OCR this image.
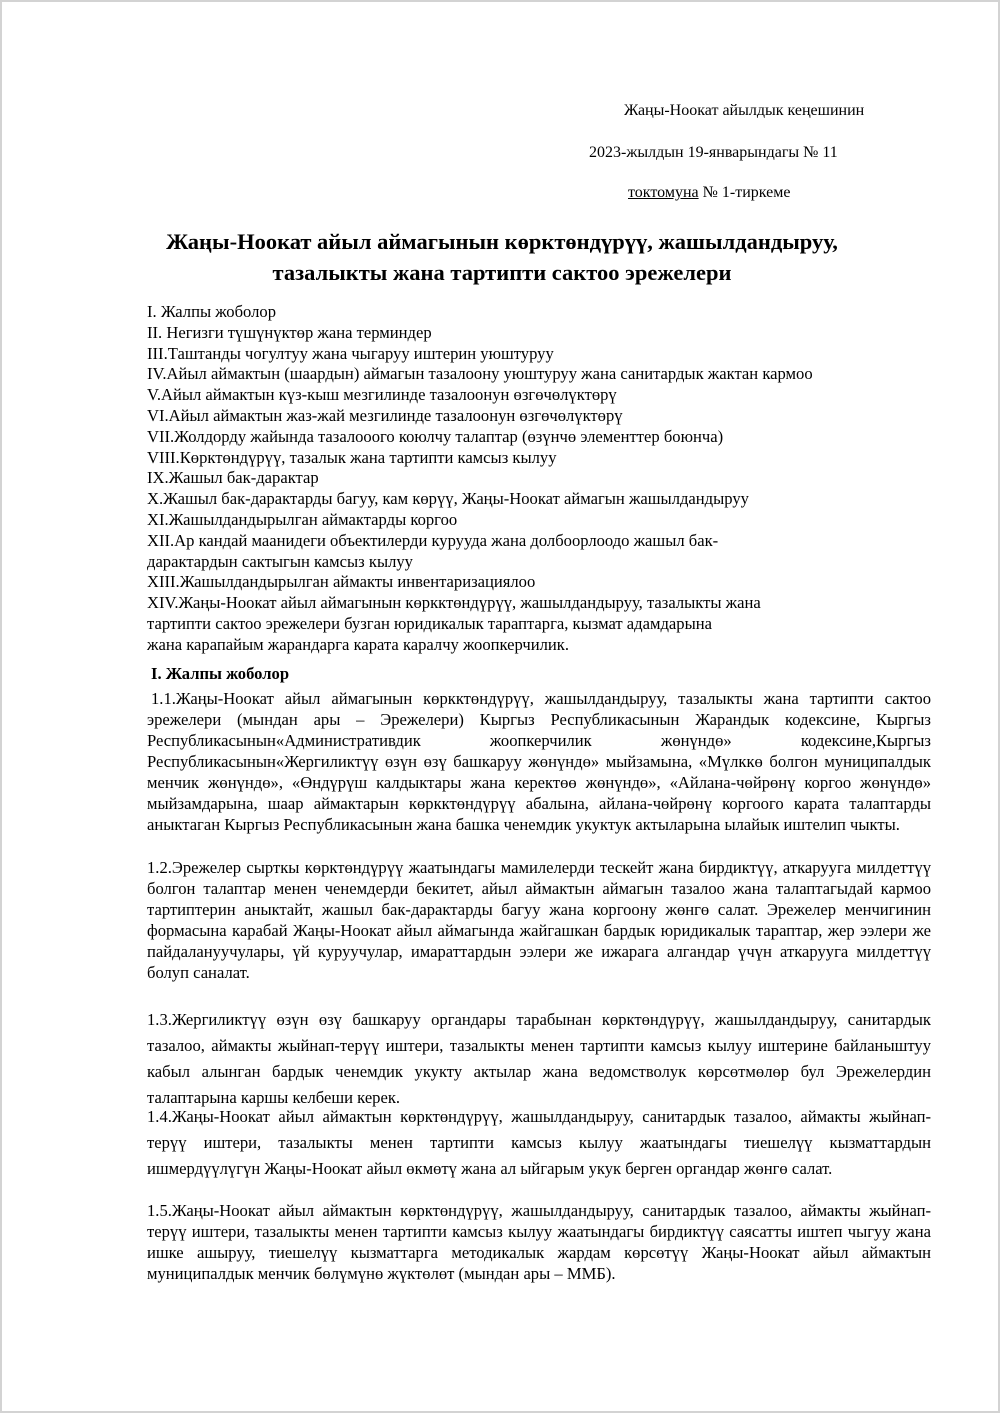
Жаңы-Ноокат айылдык кеңешинин
2023-жылдын 19-январындагы № 11
токтомуна № 1-тиркеме
Жаңы-Ноокат айыл аймагынын көрктөндүрүү, жашылдандыруу,
тазалыкты жана тартипти сактоо эрежелери
I. Жалпы жоболор
II. Негизги түшүнүктөр жана терминдер
III.Таштанды чогултуу жана чыгаруу иштерин уюштуруу
IV.Айыл аймактын (шаардын) аймагын тазалоону уюштуруу жана санитардык жактан кармоо
V.Айыл аймактын күз-кыш мезгилинде тазалоонун өзгөчөлүктөрү
VI.Айыл аймактын жаз-жай мезгилинде тазалоонун өзгөчөлүктөрү
VII.Жолдорду жайында тазалооого коюлчу талаптар (өзүнчө элементтер боюнча)
VIII.Көрктөндүрүү, тазалык жана тартипти камсыз кылуу
IX.Жашыл бак-дарактар
X.Жашыл бак-дарактарды багуу, кам көрүү, Жаңы-Ноокат аймагын жашылдандыруу
XI.Жашылдандырылган аймактарды коргоо
XII.Ар кандай маанидеги объектилерди курууда жана долбоорлоодо жашыл бак-
дарактардын сактыгын камсыз кылуу
XIII.Жашылдандырылган аймакты инвентаризациялоо
XIV.Жаңы-Ноокат айыл аймагынын көркктөндүрүү, жашылдандыруу, тазалыкты жана
тартипти сактоо эрежелери бузган юридикалык тараптарга, кызмат адамдарына
жана карапайым жарандарга карата каралчу жоопкерчилик.
I. Жалпы жоболор
1.1.Жаңы-Ноокат айыл аймагынын көркктөндүрүү, жашылдандыруу, тазалыкты жана тартипти сактоо эрежелери (мындан ары – Эрежелери) Кыргыз Республикасынын Жарандык кодексине, Кыргыз Республикасынын«Административдик жоопкерчилик жөнүндө» кодексине,Кыргыз Республикасынын«Жергиликтүү өзүн өзү башкаруу жөнүндө» мыйзамына, «Мүлккө болгон муниципалдык менчик жөнүндө», «Өндүрүш калдыктары жана керектөө жөнүндө», «Айлана-чөйрөнү коргоо жөнүндө» мыйзамдарына, шаар аймактарын көркктөндүрүү абалына, айлана-чөйрөнү коргоого карата талаптарды аныктаган Кыргыз Республикасынын жана башка ченемдик укуктук актыларына ылайык иштелип чыкты.
1.2.Эрежелер сырткы көрктөндүрүү жаатындагы мамилелерди тескейт жана бирдиктүү, аткарууга милдеттүү болгон талаптар менен ченемдерди бекитет, айыл аймактын аймагын тазалоо жана талаптагыдай кармоо тартиптерин аныктайт, жашыл бак-дарактарды багуу жана коргоону жөнгө салат. Эрежелер менчигинин формасына карабай Жаңы-Ноокат айыл аймагында жайгашкан бардык юридикалык тараптар, жер ээлери же пайдалануучулары, үй куруучулар, имараттардын ээлери же ижарага алгандар үчүн аткарууга милдеттүү болуп саналат.
1.3.Жергиликтүү өзүн өзү башкаруу органдары тарабынан көрктөндүрүү, жашылдандыруу, санитардык тазалоо, аймакты жыйнап-терүү иштери, тазалыкты менен тартипти камсыз кылуу иштерине байланыштуу кабыл алынган бардык ченемдик укукту актылар жана ведомстволук көрсөтмөлөр бул Эрежелердин талаптарына каршы келбеши керек.
1.4.Жаңы-Ноокат айыл аймактын көрктөндүрүү, жашылдандыруу, санитардык тазалоо, аймакты жыйнап-терүү иштери, тазалыкты менен тартипти камсыз кылуу жаатындагы тиешелүү кызматтардын ишмердүүлүгүн Жаңы-Ноокат айыл өкмөтү жана ал ыйгарым укук берген органдар жөнгө салат.
1.5.Жаңы-Ноокат айыл аймактын көрктөндүрүү, жашылдандыруу, санитардык тазалоо, аймакты жыйнап-терүү иштери, тазалыкты менен тартипти камсыз кылуу жаатындагы бирдиктүү саясатты иштеп чыгуу жана ишке ашыруу, тиешелүү кызматтарга методикалык жардам көрсөтүү Жаңы-Ноокат айыл аймактын муниципалдык менчик бөлүмүнө жүктөлөт (мындан ары – ММБ).
